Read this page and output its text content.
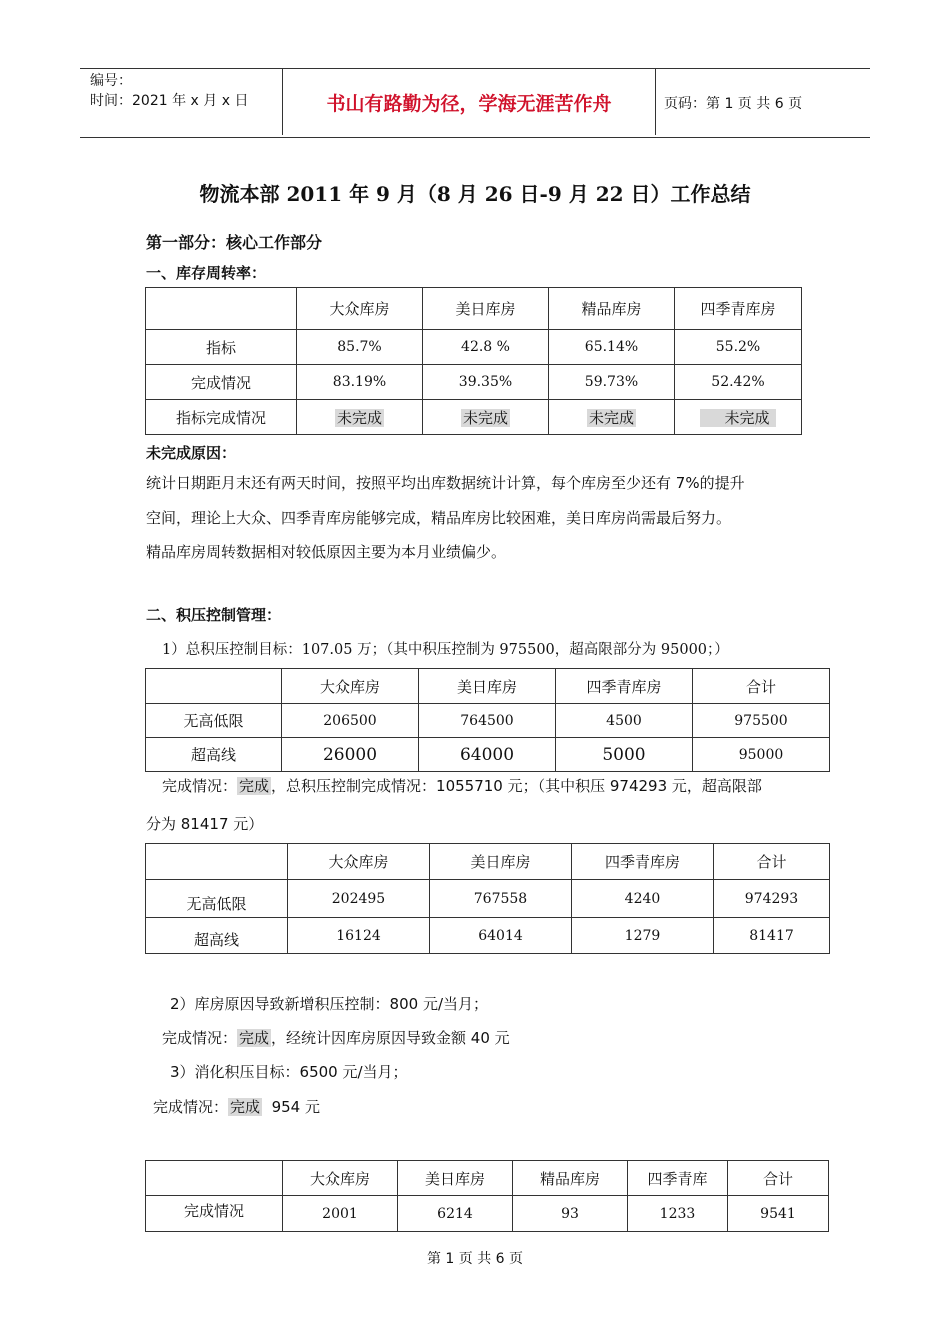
编号：
时间：2021 年 x 月 x 日	书山有路勤为径，学海无涯苦作舟	页码：第 1 页 共 6 页
物流本部 2011 年 9 月（8 月 26 日-9 月 22 日）工作总结
第一部分：核心工作部分
一、库存周转率：
	大众库房	美日库房	精品库房	四季青库房
指标	85.7%	42.8 %	65.14%	55.2%
完成情况	83.19%	39.35%	59.73%	52.42%
指标完成情况	未完成	未完成	未完成	未完成
未完成原因：
统计日期距月末还有两天时间，按照平均出库数据统计计算，每个库房至少还有 7%的提升
空间，理论上大众、四季青库房能够完成，精品库房比较困难，美日库房尚需最后努力。
精品库房周转数据相对较低原因主要为本月业绩偏少。
二、积压控制管理：
1）总积压控制目标：107.05 万；（其中积压控制为 975500，超高限部分为 95000；）
	大众库房	美日库房	四季青库房	合计
无高低限	206500	764500	4500	975500
超高线	26000	64000	5000	95000
完成情况： 完成 ，总积压控制完成情况：1055710 元；（其中积压 974293 元，超高限部
分为 81417 元）
	大众库房	美日库房	四季青库房	合计
无高低限	202495	767558	4240	974293
超高线	16124	64014	1279	81417
2）库房原因导致新增积压控制：800 元/当月；
完成情况： 完成 ，经统计因库房原因导致金额 40 元
3）消化积压目标：6500 元/当月；
完成情况： 完成  954 元
	大众库房	美日库房	精品库房	四季青库	合计
完成情况	2001	6214	93	1233	9541
第 1 页 共 6 页
